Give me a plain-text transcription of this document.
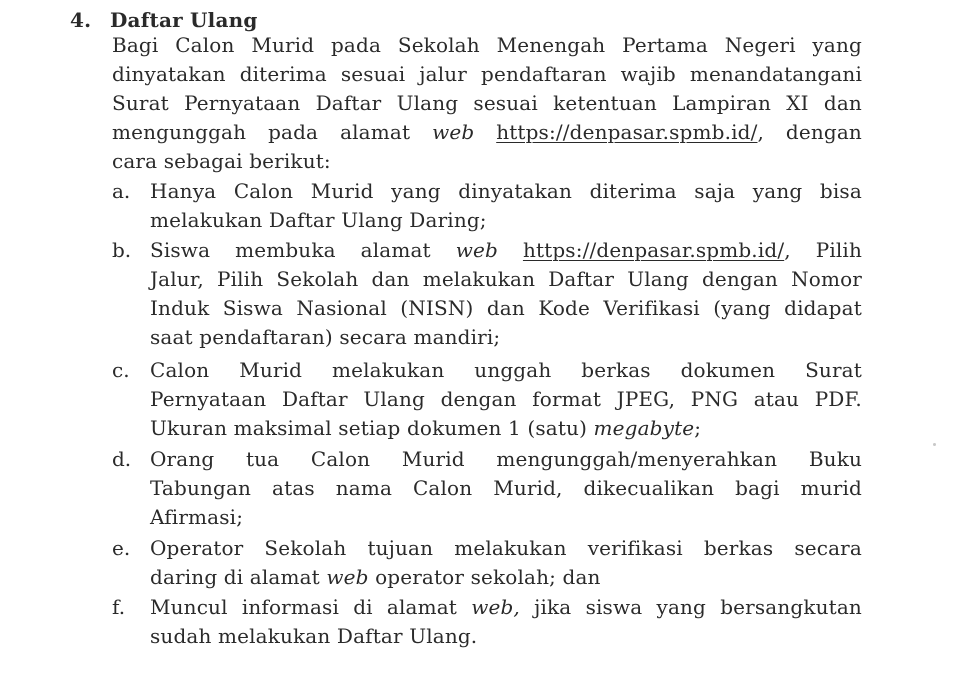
4. Daftar Ulang
Bagi Calon Murid pada Sekolah Menengah Pertama Negeri yang
dinyatakan diterima sesuai jalur pendaftaran wajib menandatangani
Surat Pernyataan Daftar Ulang sesuai ketentuan Lampiran XI dan
mengunggah pada alamat web https://denpasar.spmb.id/, dengan
cara sebagai berikut:
a. Hanya Calon Murid yang dinyatakan diterima saja yang bisa
melakukan Daftar Ulang Daring;
b. Siswa membuka alamat web https://denpasar.spmb.id/, Pilih
Jalur, Pilih Sekolah dan melakukan Daftar Ulang dengan Nomor
Induk Siswa Nasional (NISN) dan Kode Verifikasi (yang didapat
saat pendaftaran) secara mandiri;
c. Calon Murid melakukan unggah berkas dokumen Surat
Pernyataan Daftar Ulang dengan format JPEG, PNG atau PDF.
Ukuran maksimal setiap dokumen 1 (satu) megabyte;
d. Orang tua Calon Murid mengunggah/menyerahkan Buku
Tabungan atas nama Calon Murid, dikecualikan bagi murid
Afirmasi;
e. Operator Sekolah tujuan melakukan verifikasi berkas secara
daring di alamat web operator sekolah; dan
f. Muncul informasi di alamat web, jika siswa yang bersangkutan
sudah melakukan Daftar Ulang.
